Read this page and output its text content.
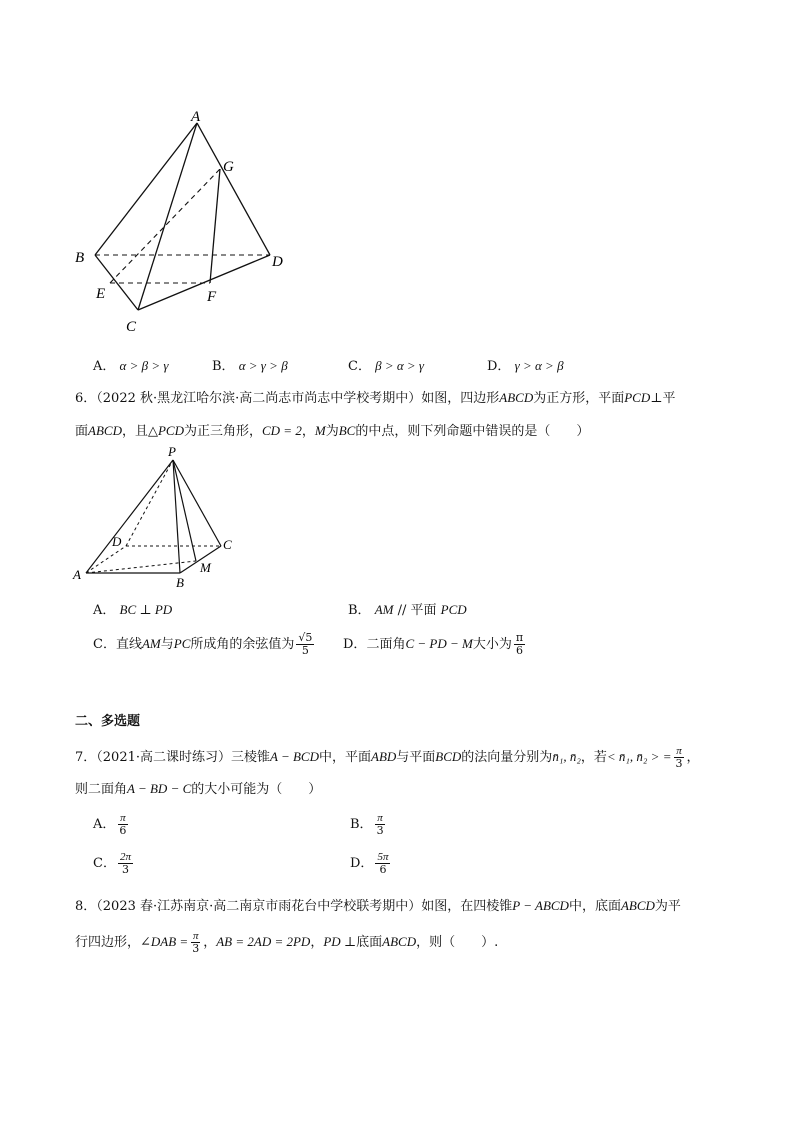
A
B
C
D
E	F
G
A． α > β > γ	B． α > γ > β	C． β > α > γ	D． γ > α > β
6．（2022 秋·黑龙江哈尔滨·高二尚志市尚志中学校考期中）如图，四边形ABCD为正方形，平面PCD⊥平
面ABCD，且△PCD为正三角形，CD = 2，M为BC的中点，则下列命题中错误的是（　　）
P
A
B
C
D
M
A． BC ⊥ PD	B． AM // 平面 PCD
C．直线AM与PC所成角的余弦值为 $\frac{√5}{5}$ D．二面角C − PD − M大小为 $\frac{\pi}{6}$
二、多选题
7．（2021·高二课时练习）三棱锥A − BCD中，平面ABD与平面BCD的法向量分别为n̄₁, n̄₂，若< n̄₁, n̄₂ > = $\frac{\pi}{3}$ ，
则二面角A − BD − C的大小可能为（　　）
A． $\frac{\pi}{6}$	B． $\frac{\pi}{3}$
C． $\frac{2\pi}{3}$	D． $\frac{5\pi}{6}$
8．（2023 春·江苏南京·高二南京市雨花台中学校联考期中）如图，在四棱锥P − ABCD中，底面ABCD为平
行四边形，∠DAB = $\frac{\pi}{3}$ ，AB = 2AD = 2PD，PD ⊥底面ABCD，则（　　）.
